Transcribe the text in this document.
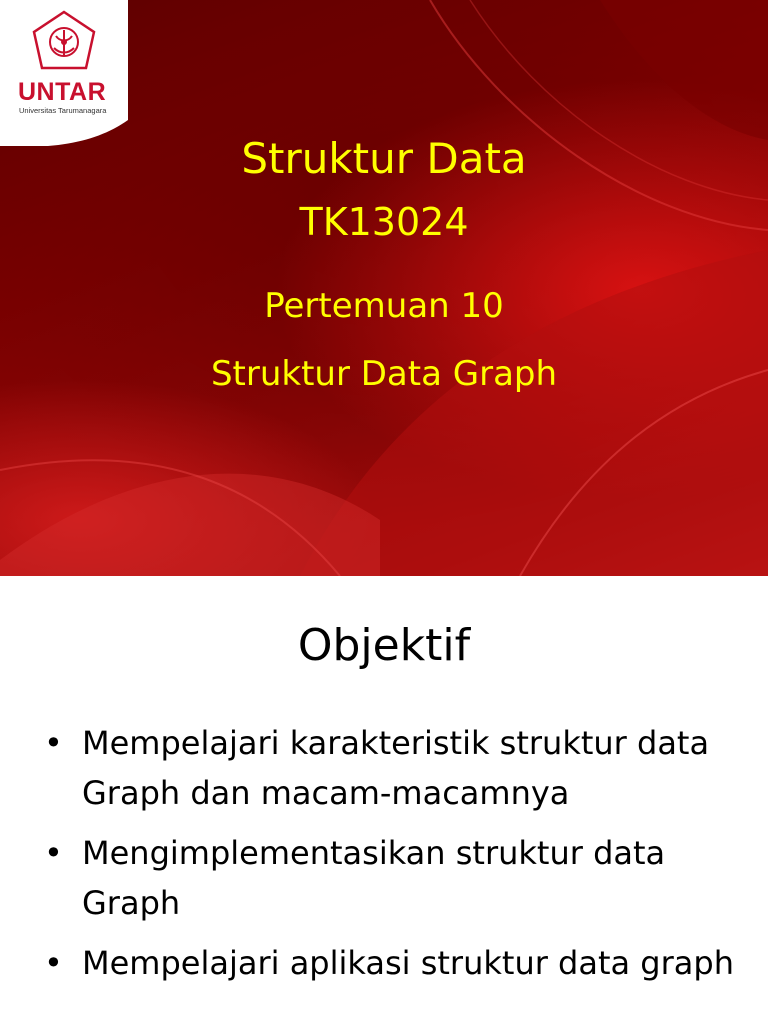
UNTAR
Universitas Tarumanagara
Struktur Data
TK13024
Pertemuan 10
Struktur Data Graph
Objektif
• Mempelajari karakteristik struktur data Graph dan macam-macamnya
• Mengimplementasikan struktur data Graph
• Mempelajari aplikasi struktur data graph
